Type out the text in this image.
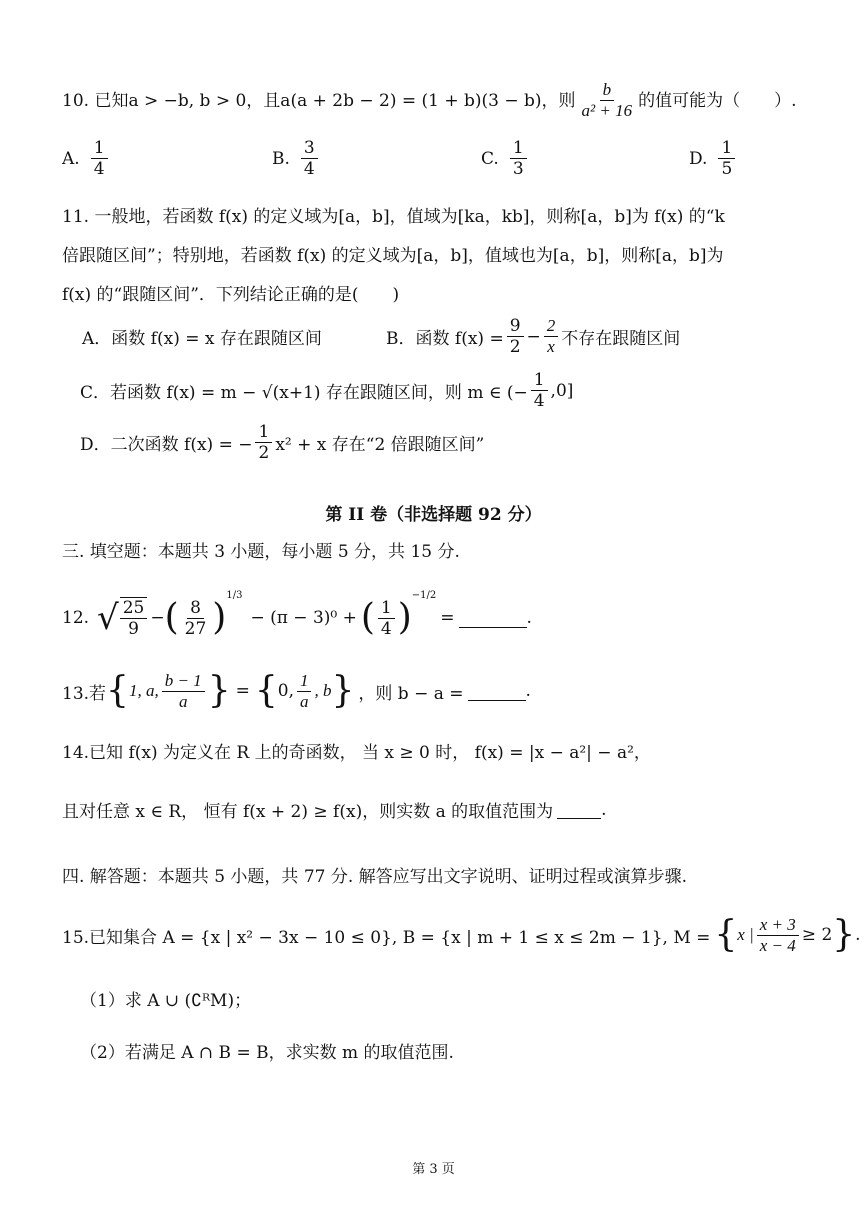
10. 已知a > −b, b > 0，且a(a + 2b − 2) = (1 + b)(3 − b)，则 $\frac{b}{\text{a² + 16}}$ 的值可能为（　　）.
A. $\frac{1}{4}$	B. $\frac{3}{4}$	C. $\frac{1}{3}$	D. $\frac{1}{5}$
11. 一般地，若函数 f(x) 的定义域为[a，b]，值域为[ka，kb]，则称[a，b]为 f(x) 的“k
倍跟随区间”；特别地，若函数 f(x) 的定义域为[a，b]，值域也为[a，b]，则称[a，b]为
f(x) 的“跟随区间”．下列结论正确的是(　　)
A．函数 f(x) = x 存在跟随区间	B．函数 $f(x) = \frac{9}{2} - \frac{2}{x}$ 不存在跟随区间
C．若函数 f(x) = m − √(x+1) 存在跟随区间，则 m ∈ (− $\frac{1}{4} ,0$]
D．二次函数 f(x) = − $\frac{1}{2} x^2 + x$ 存在“2 倍跟随区间”
第 II 卷（非选择题 92 分）
三. 填空题：本题共 3 小题，每小题 5 分，共 15 分.
12. √ $\frac{25}{9}$ − ( $\frac{8}{27}$ )
1/3
− (π − 3)⁰ + ( $\frac{1}{4}$ )
−1/2
=	.
13.若 { 1, a, $\frac{b - 1}{a}$ } = { 0, $\frac{1}{a}$ , b } ，则 b − a =	.
14.已知 f(x) 为定义在 R 上的奇函数， 当 x ≥ 0 时， f(x) = |x − a²| − a²，
且对任意 x ∈ R， 恒有 f(x + 2) ≥ f(x)，则实数 a 的取值范围为	.
四. 解答题：本题共 5 小题，共 77 分. 解答应写出文字说明、证明过程或演算步骤.
15.已知集合 A = {x | x² − 3x − 10 ≤ 0}, B = {x | m + 1 ≤ x ≤ 2m − 1}, M = { x | $\frac{x + 3}{x - 4} \ge 2$ } .
（1）求 A ∪ (∁ᴿM)；
（2）若满足 A ∩ B = B，求实数 m 的取值范围.
第 3 页
